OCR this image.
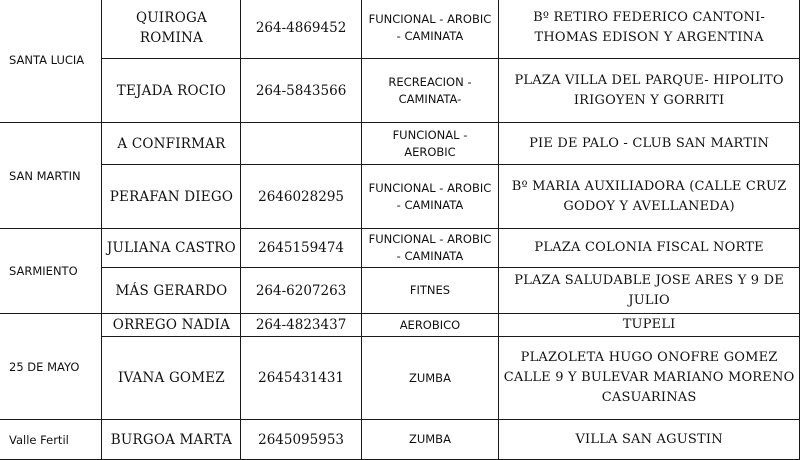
SANTA LUCIA	QUIROGA ROMINA	264-4869452	FUNCIONAL - AROBIC - CAMINATA	Bº RETIRO FEDERICO CANTONI-THOMAS EDISON Y ARGENTINA
	TEJADA ROCIO	264-5843566	RECREACION - CAMINATA-	PLAZA VILLA DEL PARQUE- HIPOLITO IRIGOYEN Y GORRITI
SAN MARTIN	A CONFIRMAR		FUNCIONAL - AEROBIC	PIE DE PALO - CLUB SAN MARTIN
	PERAFAN DIEGO	2646028295	FUNCIONAL - AROBIC - CAMINATA	Bº MARIA AUXILIADORA (CALLE CRUZ GODOY Y AVELLANEDA)
SARMIENTO	JULIANA CASTRO	2645159474	FUNCIONAL - AROBIC - CAMINATA	PLAZA COLONIA FISCAL NORTE
	MÁS GERARDO	264-6207263	FITNES	PLAZA SALUDABLE JOSE ARES Y 9 DE JULIO
25 DE MAYO	ORREGO NADIA	264-4823437	AEROBICO	TUPELI
	IVANA GOMEZ	2645431431	ZUMBA	PLAZOLETA HUGO ONOFRE GOMEZ CALLE 9 Y BULEVAR MARIANO MORENO CASUARINAS
Valle Fertil	BURGOA MARTA	2645095953	ZUMBA	VILLA SAN AGUSTIN
